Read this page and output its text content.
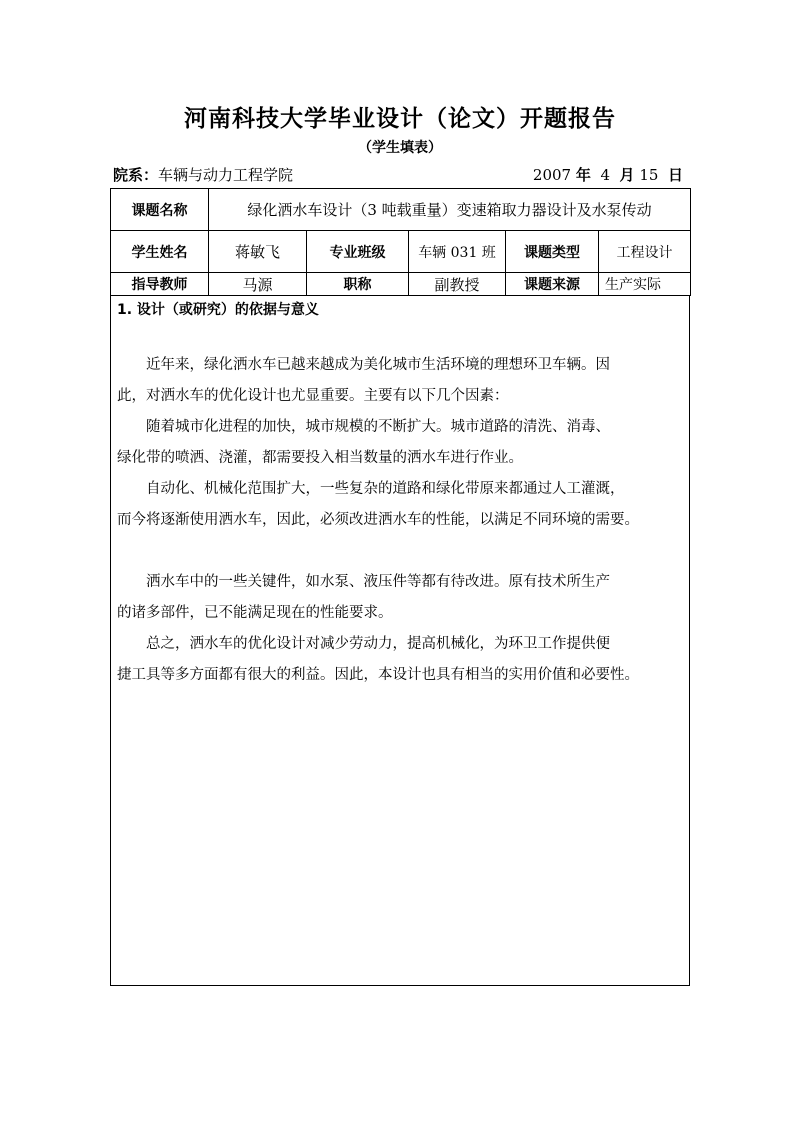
河南科技大学毕业设计（论文）开题报告
（学生填表）
院系：车辆与动力工程学院	2007 年 4 月 15 日
课题名称	绿化洒水车设计（3 吨载重量）变速箱取力器设计及水泵传动				
学生姓名	蒋敏飞	专业班级	车辆 031 班	课题类型	工程设计
指导教师	马源	职称	副教授	课题来源	生产实际
1. 设计（或研究）的依据与意义

近年来，绿化洒水车已越来越成为美化城市生活环境的理想环卫车辆。因

此，对洒水车的优化设计也尤显重要。主要有以下几个因素：

随着城市化进程的加快，城市规模的不断扩大。城市道路的清洗、消毒、

绿化带的喷洒、浇灌，都需要投入相当数量的洒水车进行作业。

自动化、机械化范围扩大，一些复杂的道路和绿化带原来都通过人工灌溉，

而今将逐渐使用洒水车，因此，必须改进洒水车的性能，以满足不同环境的需要。

洒水车中的一些关键件，如水泵、液压件等都有待改进。原有技术所生产

的诸多部件，已不能满足现在的性能要求。

总之，洒水车的优化设计对减少劳动力，提高机械化，为环卫工作提供便

捷工具等多方面都有很大的利益。因此，本设计也具有相当的实用价值和必要性。
